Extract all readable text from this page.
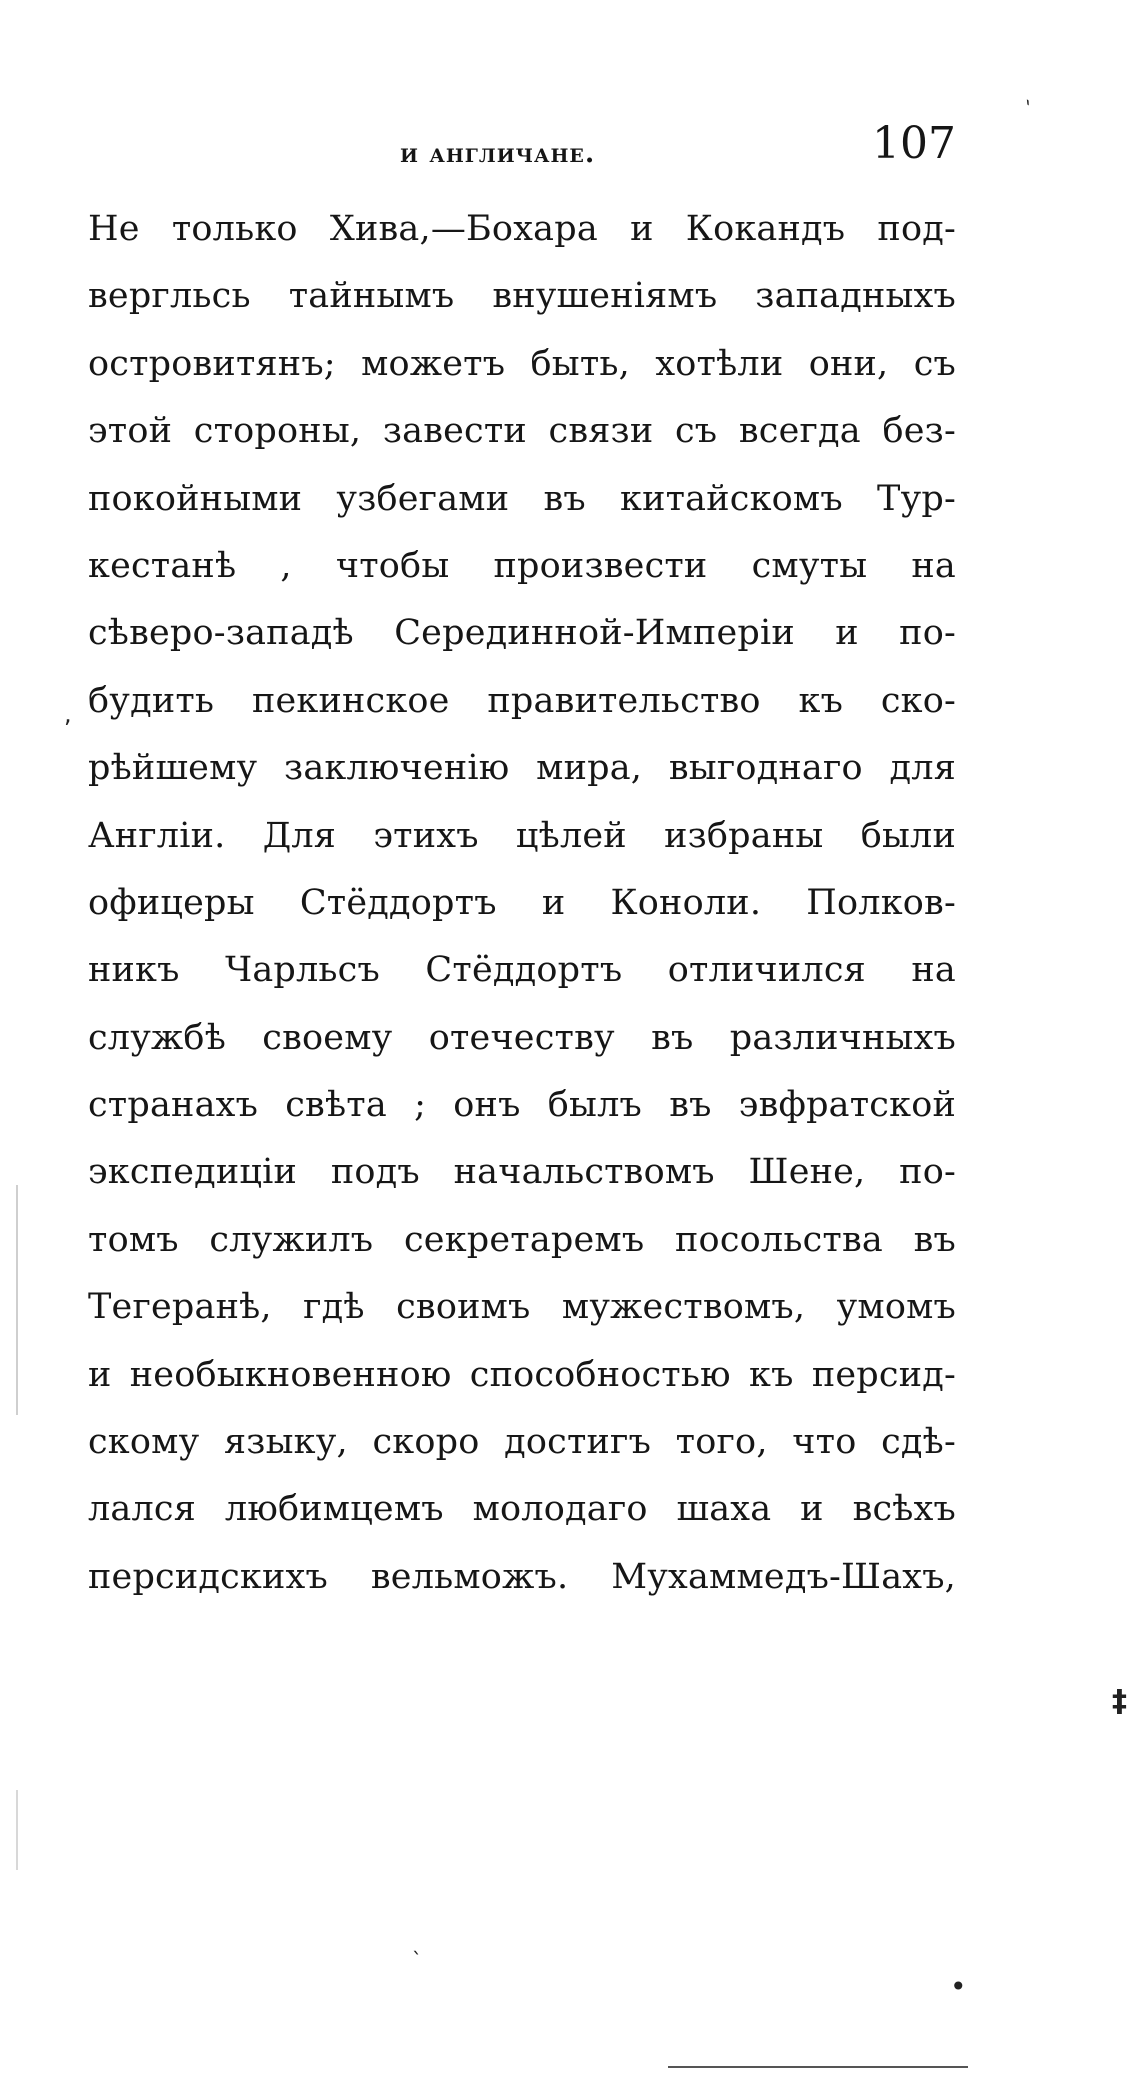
и англичане.	107
Не только Хива,—Бохара и Кокандъ под-
вергльсь тайнымъ внушеніямъ западныхъ
островитянъ; можетъ быть, хотѣли они, съ
этой стороны, завести связи съ всегда без-
покойными узбегами въ китайскомъ Тур-
кестанѣ , чтобы произвести смуты на
сѣверо-западѣ Серединной-Имперіи и по-
будить пекинское правительство къ ско-
рѣйшему заключенію мира, выгоднаго для
Англіи. Для этихъ цѣлей избраны были
офицеры Стёддортъ и Коноли. Полков-
никъ Чарльсъ Стёддортъ отличился на
службѣ своему отечеству въ различныхъ
странахъ свѣта ; онъ былъ въ эвфратской
экспедиціи подъ начальствомъ Шене, по-
томъ служилъ секретаремъ посольства въ
Тегеранѣ, гдѣ своимъ мужествомъ, умомъ
и необыкновенною способностью къ персид-
скому языку, скоро достигъ того, что сдѣ-
лался любимцемъ молодаго шаха и всѣхъ
персидскихъ вельможъ. Мухаммедъ-Шахъ,
`
,
‡
•
`
